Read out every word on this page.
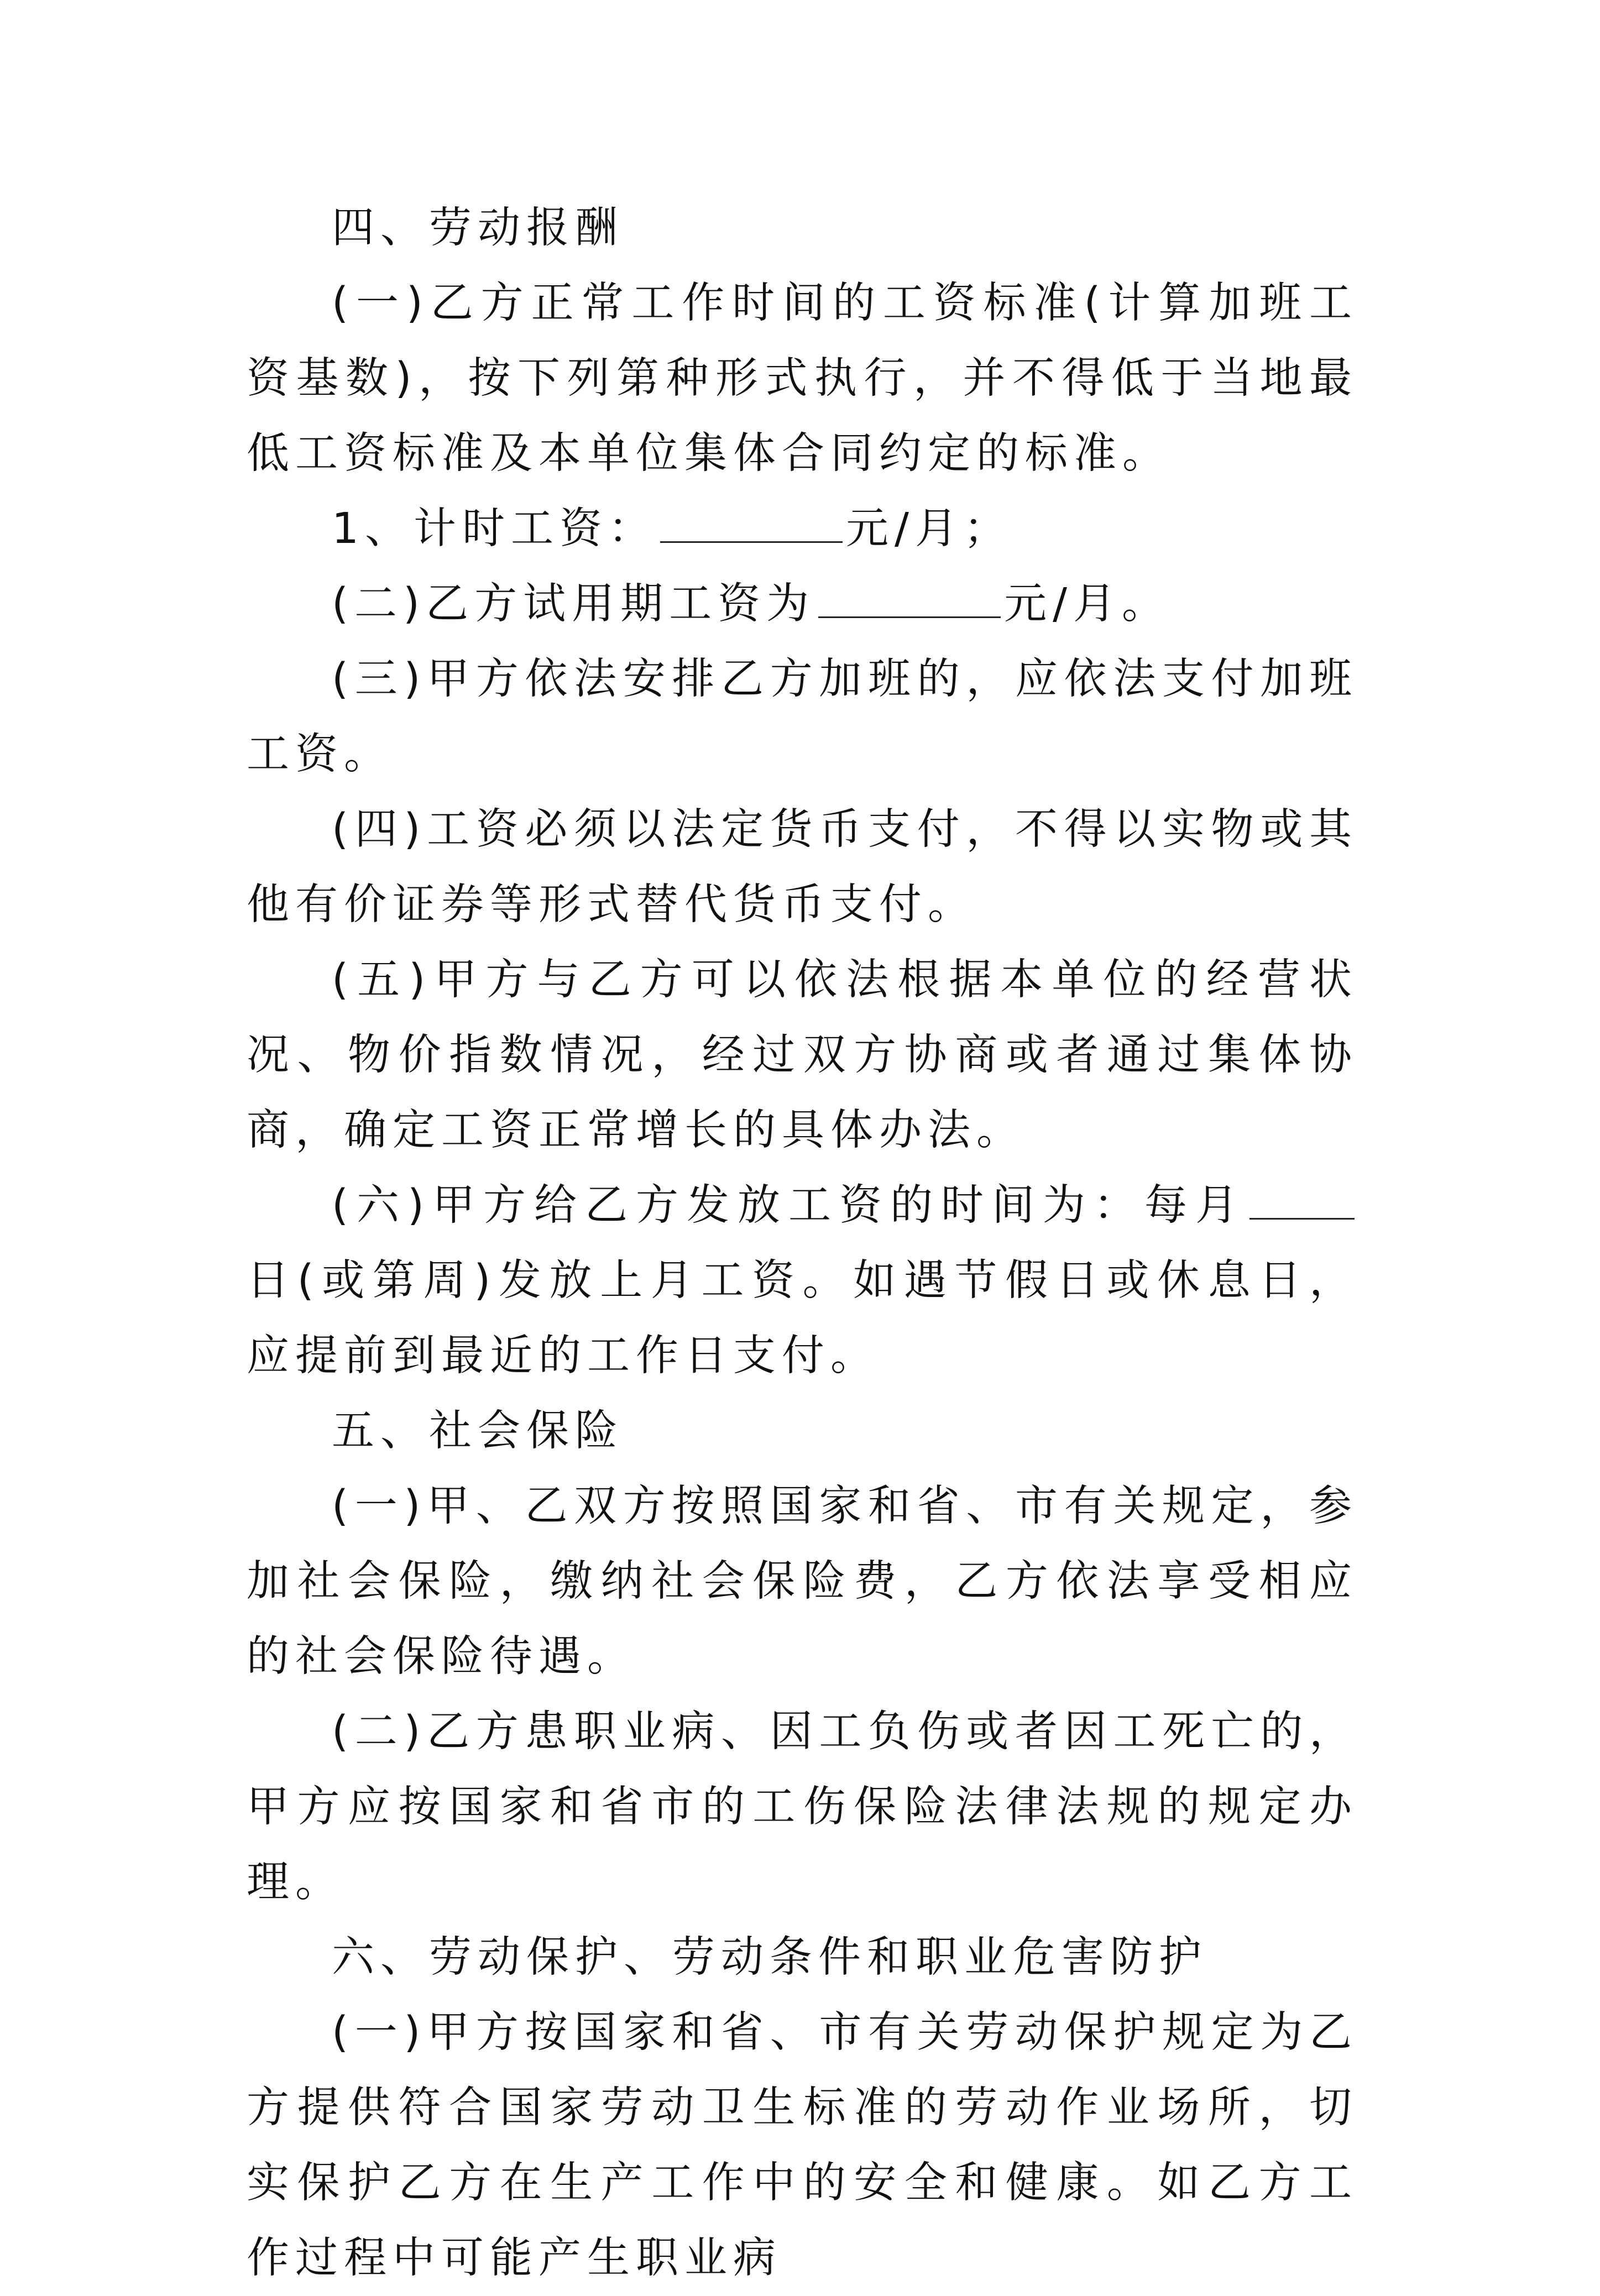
四、劳动报酬

(一)乙方正常工作时间的工资标准(计算加班工资基数)，按下列第种形式执行，并不得低于当地最低工资标准及本单位集体合同约定的标准。

1、计时工资：	元/月；

(二)乙方试用期工资为	元/月。

(三)甲方依法安排乙方加班的，应依法支付加班工资。

(四)工资必须以法定货币支付，不得以实物或其他有价证券等形式替代货币支付。

(五)甲方与乙方可以依法根据本单位的经营状况、物价指数情况，经过双方协商或者通过集体协商，确定工资正常增长的具体办法。

(六)甲方给乙方发放工资的时间为：每月日(或第周)发放上月工资。如遇节假日或休息日，应提前到最近的工作日支付。

五、社会保险

(一)甲、乙双方按照国家和省、市有关规定，参加社会保险，缴纳社会保险费，乙方依法享受相应的社会保险待遇。

(二)乙方患职业病、因工负伤或者因工死亡的，甲方应按国家和省市的工伤保险法律法规的规定办理。

六、劳动保护、劳动条件和职业危害防护

(一)甲方按国家和省、市有关劳动保护规定为乙方提供符合国家劳动卫生标准的劳动作业场所，切实保护乙方在生产工作中的安全和健康。如乙方工作过程中可能产生职业病
